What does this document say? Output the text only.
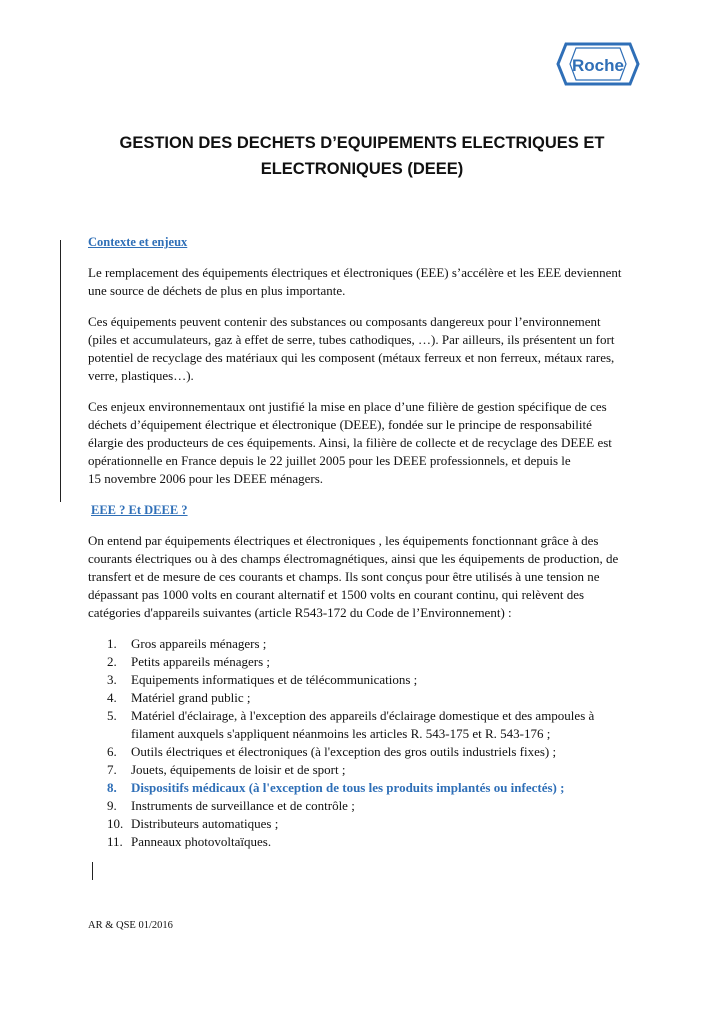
Roche
GESTION DES DECHETS D’EQUIPEMENTS ELECTRIQUES ET
ELECTRONIQUES (DEEE)
Contexte et enjeux
Le remplacement des équipements électriques et électroniques (EEE) s’accélère et les EEE deviennent
une source de déchets de plus en plus importante.
Ces équipements peuvent contenir des substances ou composants dangereux pour l’environnement
(piles et accumulateurs, gaz à effet de serre, tubes cathodiques, …). Par ailleurs, ils présentent un fort
potentiel de recyclage des matériaux qui les composent (métaux ferreux et non ferreux, métaux rares,
verre, plastiques…).
Ces enjeux environnementaux ont justifié la mise en place d’une filière de gestion spécifique de ces
déchets d’équipement électrique et électronique (DEEE), fondée sur le principe de responsabilité
élargie des producteurs de ces équipements. Ainsi, la filière de collecte et de recyclage des DEEE est
opérationnelle en France depuis le 22 juillet 2005 pour les DEEE professionnels, et depuis le
15 novembre 2006 pour les DEEE ménagers.
EEE ? Et DEEE ?
On entend par équipements électriques et électroniques , les équipements fonctionnant grâce à des
courants électriques ou à des champs électromagnétiques, ainsi que les équipements de production, de
transfert et de mesure de ces courants et champs. Ils sont conçus pour être utilisés à une tension ne
dépassant pas 1000 volts en courant alternatif et 1500 volts en courant continu, qui relèvent des
catégories d'appareils suivantes (article R543-172 du Code de l’Environnement) :
1.	Gros appareils ménagers ;
2.	Petits appareils ménagers ;
3.	Equipements informatiques et de télécommunications ;
4.	Matériel grand public ;
5.	Matériel d'éclairage, à l'exception des appareils d'éclairage domestique et des ampoules à
filament auxquels s'appliquent néanmoins les articles R. 543-175 et R. 543-176 ;
6.	Outils électriques et électroniques (à l'exception des gros outils industriels fixes) ;
7.	Jouets, équipements de loisir et de sport ;
8.	Dispositifs médicaux (à l'exception de tous les produits implantés ou infectés) ;
9.	Instruments de surveillance et de contrôle ;
10. Distributeurs automatiques ;
11. Panneaux photovoltaïques.
AR & QSE 01/2016
